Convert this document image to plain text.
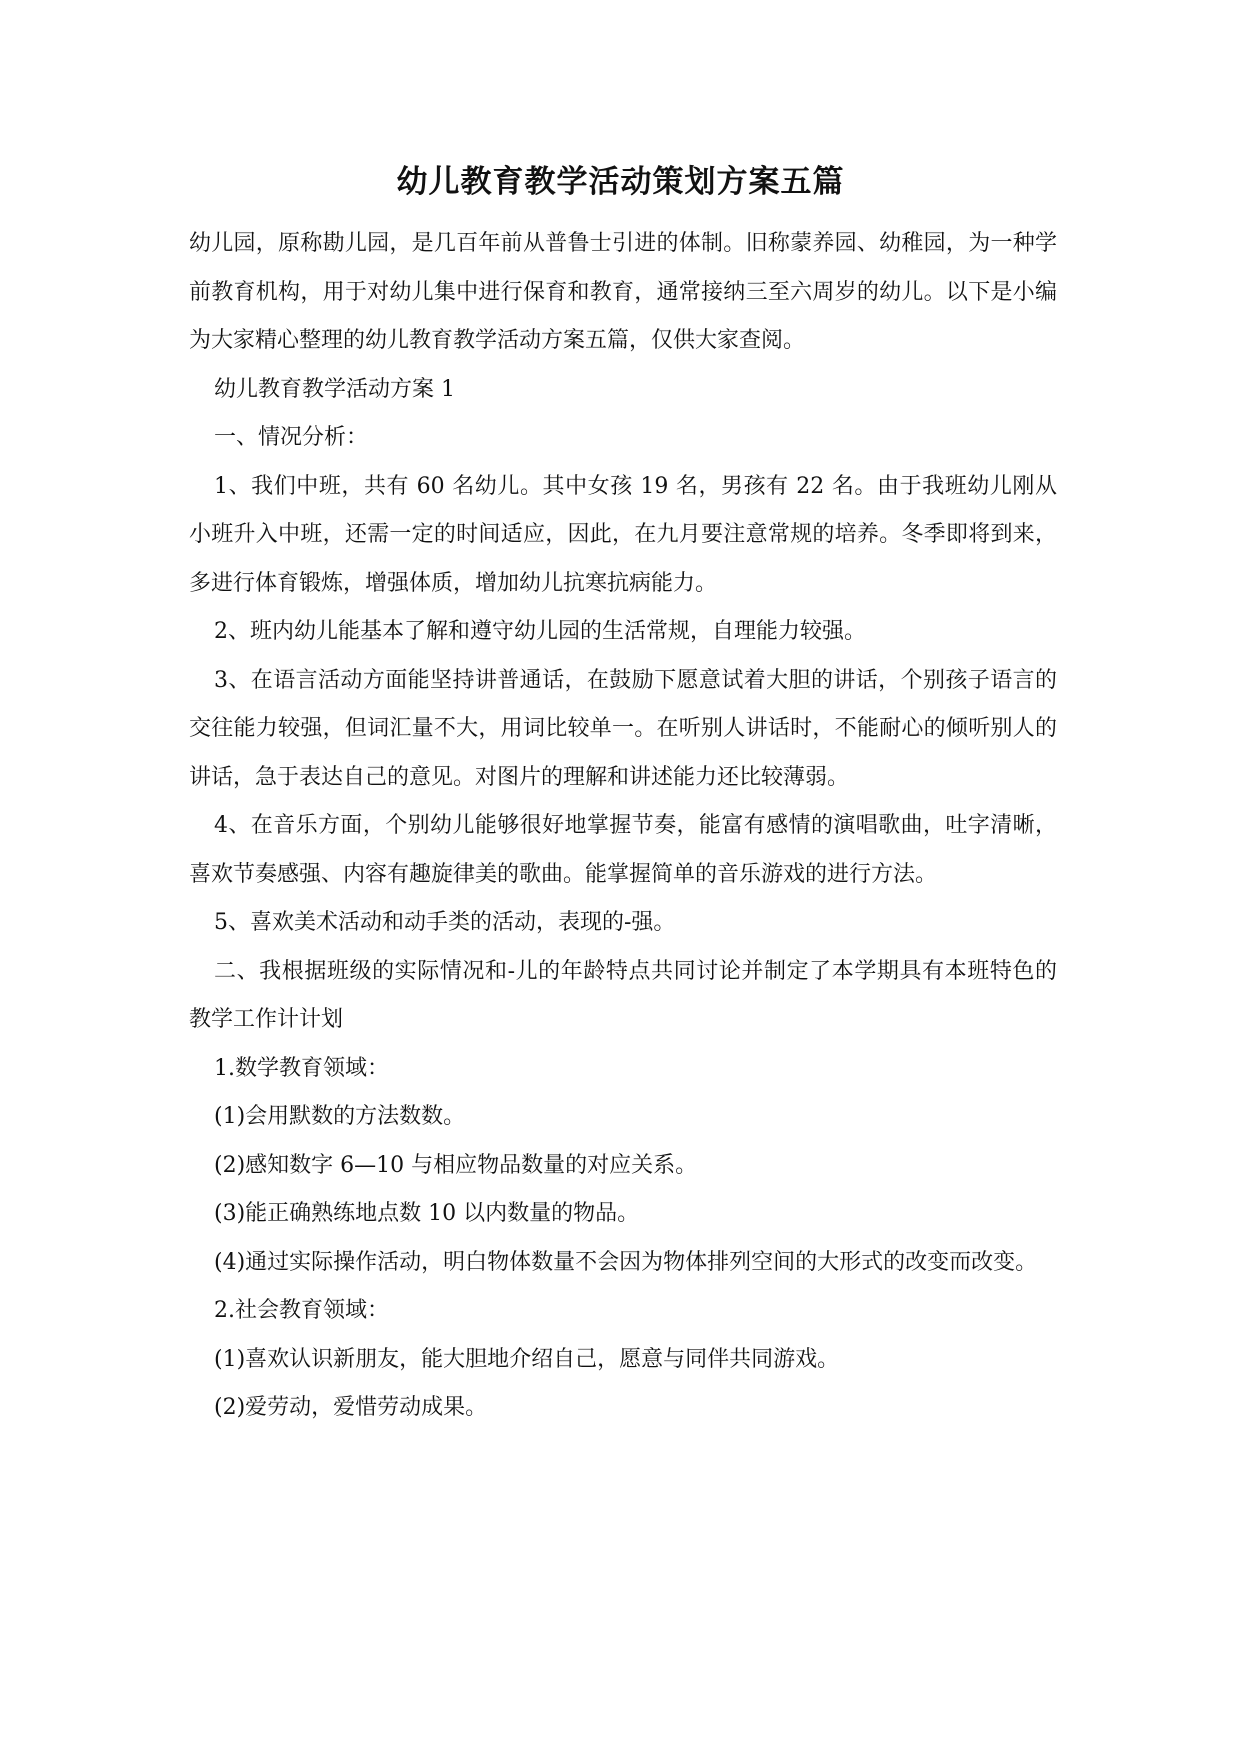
幼儿教育教学活动策划方案五篇

幼儿园，原称勘儿园，是几百年前从普鲁士引进的体制。旧称蒙养园、幼稚园，为一种学前教育机构，用于对幼儿集中进行保育和教育，通常接纳三至六周岁的幼儿。以下是小编为大家精心整理的幼儿教育教学活动方案五篇，仅供大家查阅。

幼儿教育教学活动方案 1

一、情况分析：

1、我们中班，共有 60 名幼儿。其中女孩 19 名，男孩有 22 名。由于我班幼儿刚从小班升入中班，还需一定的时间适应，因此，在九月要注意常规的培养。冬季即将到来，多进行体育锻炼，增强体质，增加幼儿抗寒抗病能力。

2、班内幼儿能基本了解和遵守幼儿园的生活常规，自理能力较强。

3、在语言活动方面能坚持讲普通话，在鼓励下愿意试着大胆的讲话，个别孩子语言的交往能力较强，但词汇量不大，用词比较单一。在听别人讲话时，不能耐心的倾听别人的讲话，急于表达自己的意见。对图片的理解和讲述能力还比较薄弱。

4、在音乐方面，个别幼儿能够很好地掌握节奏，能富有感情的演唱歌曲，吐字清晰，喜欢节奏感强、内容有趣旋律美的歌曲。能掌握简单的音乐游戏的进行方法。

5、喜欢美术活动和动手类的活动，表现的-强。

二、我根据班级的实际情况和-儿的年龄特点共同讨论并制定了本学期具有本班特色的教学工作计计划

1.数学教育领域：

(1)会用默数的方法数数。

(2)感知数字 6—10 与相应物品数量的对应关系。

(3)能正确熟练地点数 10 以内数量的物品。

(4)通过实际操作活动，明白物体数量不会因为物体排列空间的大形式的改变而改变。

2.社会教育领域：

(1)喜欢认识新朋友，能大胆地介绍自己，愿意与同伴共同游戏。

(2)爱劳动，爱惜劳动成果。
